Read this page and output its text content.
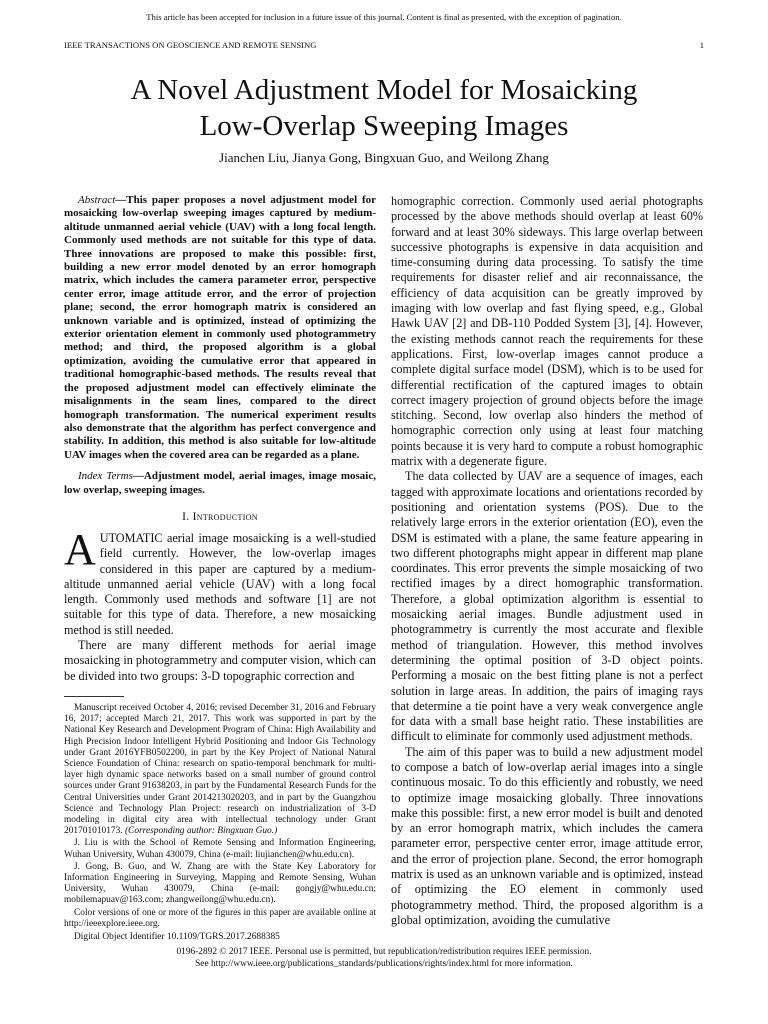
This article has been accepted for inclusion in a future issue of this journal. Content is final as presented, with the exception of pagination.
IEEE TRANSACTIONS ON GEOSCIENCE AND REMOTE SENSING	1
A Novel Adjustment Model for Mosaicking
Low-Overlap Sweeping Images
Jianchen Liu, Jianya Gong, Bingxuan Guo, and Weilong Zhang

Abstract—This paper proposes a novel adjustment model for mosaicking low-overlap sweeping images captured by medium-altitude unmanned aerial vehicle (UAV) with a long focal length. Commonly used methods are not suitable for this type of data. Three innovations are proposed to make this possible: first, building a new error model denoted by an error homograph matrix, which includes the camera parameter error, perspective center error, image attitude error, and the error of projection plane; second, the error homograph matrix is considered an unknown variable and is optimized, instead of optimizing the exterior orientation element in commonly used photogrammetry method; and third, the proposed algorithm is a global optimization, avoiding the cumulative error that appeared in traditional homographic-based methods. The results reveal that the proposed adjustment model can effectively eliminate the misalignments in the seam lines, compared to the direct homograph transformation. The numerical experiment results also demonstrate that the algorithm has perfect convergence and stability. In addition, this method is also suitable for low-altitude UAV images when the covered area can be regarded as a plane.

Index Terms—Adjustment model, aerial images, image mosaic, low overlap, sweeping images.

I. Introduction

AUTOMATIC aerial image mosaicking is a well-studied field currently. However, the low-overlap images considered in this paper are captured by a medium-altitude unmanned aerial vehicle (UAV) with a long focal length. Commonly used methods and software [1] are not suitable for this type of data. Therefore, a new mosaicking method is still needed.

There are many different methods for aerial image mosaicking in photogrammetry and computer vision, which can be divided into two groups: 3-D topographic correction and

Manuscript received October 4, 2016; revised December 31, 2016 and February 16, 2017; accepted March 21, 2017. This work was supported in part by the National Key Research and Development Program of China: High Availability and High Precision Indoor Intelligent Hybrid Positioning and Indoor Gis Technology under Grant 2016YFB0502200, in part by the Key Project of National Natural Science Foundation of China: research on spatio-temporal benchmark for multi-layer high dynamic space networks based on a small number of ground control sources under Grant 91638203, in part by the Fundamental Research Funds for the Central Universities under Grant 2014213020203, and in part by the Guangzhou Science and Technology Plan Project: research on industrialization of 3-D modeling in digital city area with intellectual technology under Grant 201701010173. (Corresponding author: Bingxuan Guo.)

J. Liu is with the School of Remote Sensing and Information Engineering, Wuhan University, Wuhan 430079, China (e-mail: liujianchen@whu.edu.cn).

J. Gong, B. Guo, and W. Zhang are with the State Key Laboratory for Information Engineering in Surveying, Mapping and Remote Sensing, Wuhan University, Wuhan 430079, China (e-mail: gongjy@whu.edu.cn; mobilemapuav@163.com; zhangweilong@whu.edu.cn).

Color versions of one or more of the figures in this paper are available online at http://ieeexplore.ieee.org.

Digital Object Identifier 10.1109/TGRS.2017.2688385

homographic correction. Commonly used aerial photographs processed by the above methods should overlap at least 60% forward and at least 30% sideways. This large overlap between successive photographs is expensive in data acquisition and time-consuming during data processing. To satisfy the time requirements for disaster relief and air reconnaissance, the efficiency of data acquisition can be greatly improved by imaging with low overlap and fast flying speed, e.g., Global Hawk UAV [2] and DB-110 Podded System [3], [4]. However, the existing methods cannot reach the requirements for these applications. First, low-overlap images cannot produce a complete digital surface model (DSM), which is to be used for differential rectification of the captured images to obtain correct imagery projection of ground objects before the image stitching. Second, low overlap also hinders the method of homographic correction only using at least four matching points because it is very hard to compute a robust homographic matrix with a degenerate figure.

The data collected by UAV are a sequence of images, each tagged with approximate locations and orientations recorded by positioning and orientation systems (POS). Due to the relatively large errors in the exterior orientation (EO), even the DSM is estimated with a plane, the same feature appearing in two different photographs might appear in different map plane coordinates. This error prevents the simple mosaicking of two rectified images by a direct homographic transformation. Therefore, a global optimization algorithm is essential to mosaicking aerial images. Bundle adjustment used in photogrammetry is currently the most accurate and flexible method of triangulation. However, this method involves determining the optimal position of 3-D object points. Performing a mosaic on the best fitting plane is not a perfect solution in large areas. In addition, the pairs of imaging rays that determine a tie point have a very weak convergence angle for data with a small base height ratio. These instabilities are difficult to eliminate for commonly used adjustment methods.

The aim of this paper was to build a new adjustment model to compose a batch of low-overlap aerial images into a single continuous mosaic. To do this efficiently and robustly, we need to optimize image mosaicking globally. Three innovations make this possible: first, a new error model is built and denoted by an error homograph matrix, which includes the camera parameter error, perspective center error, image attitude error, and the error of projection plane. Second, the error homograph matrix is used as an unknown variable and is optimized, instead of optimizing the EO element in commonly used photogrammetry method. Third, the proposed algorithm is a global optimization, avoiding the cumulative

0196-2892 © 2017 IEEE. Personal use is permitted, but republication/redistribution requires IEEE permission.
See http://www.ieee.org/publications_standards/publications/rights/index.html for more information.
